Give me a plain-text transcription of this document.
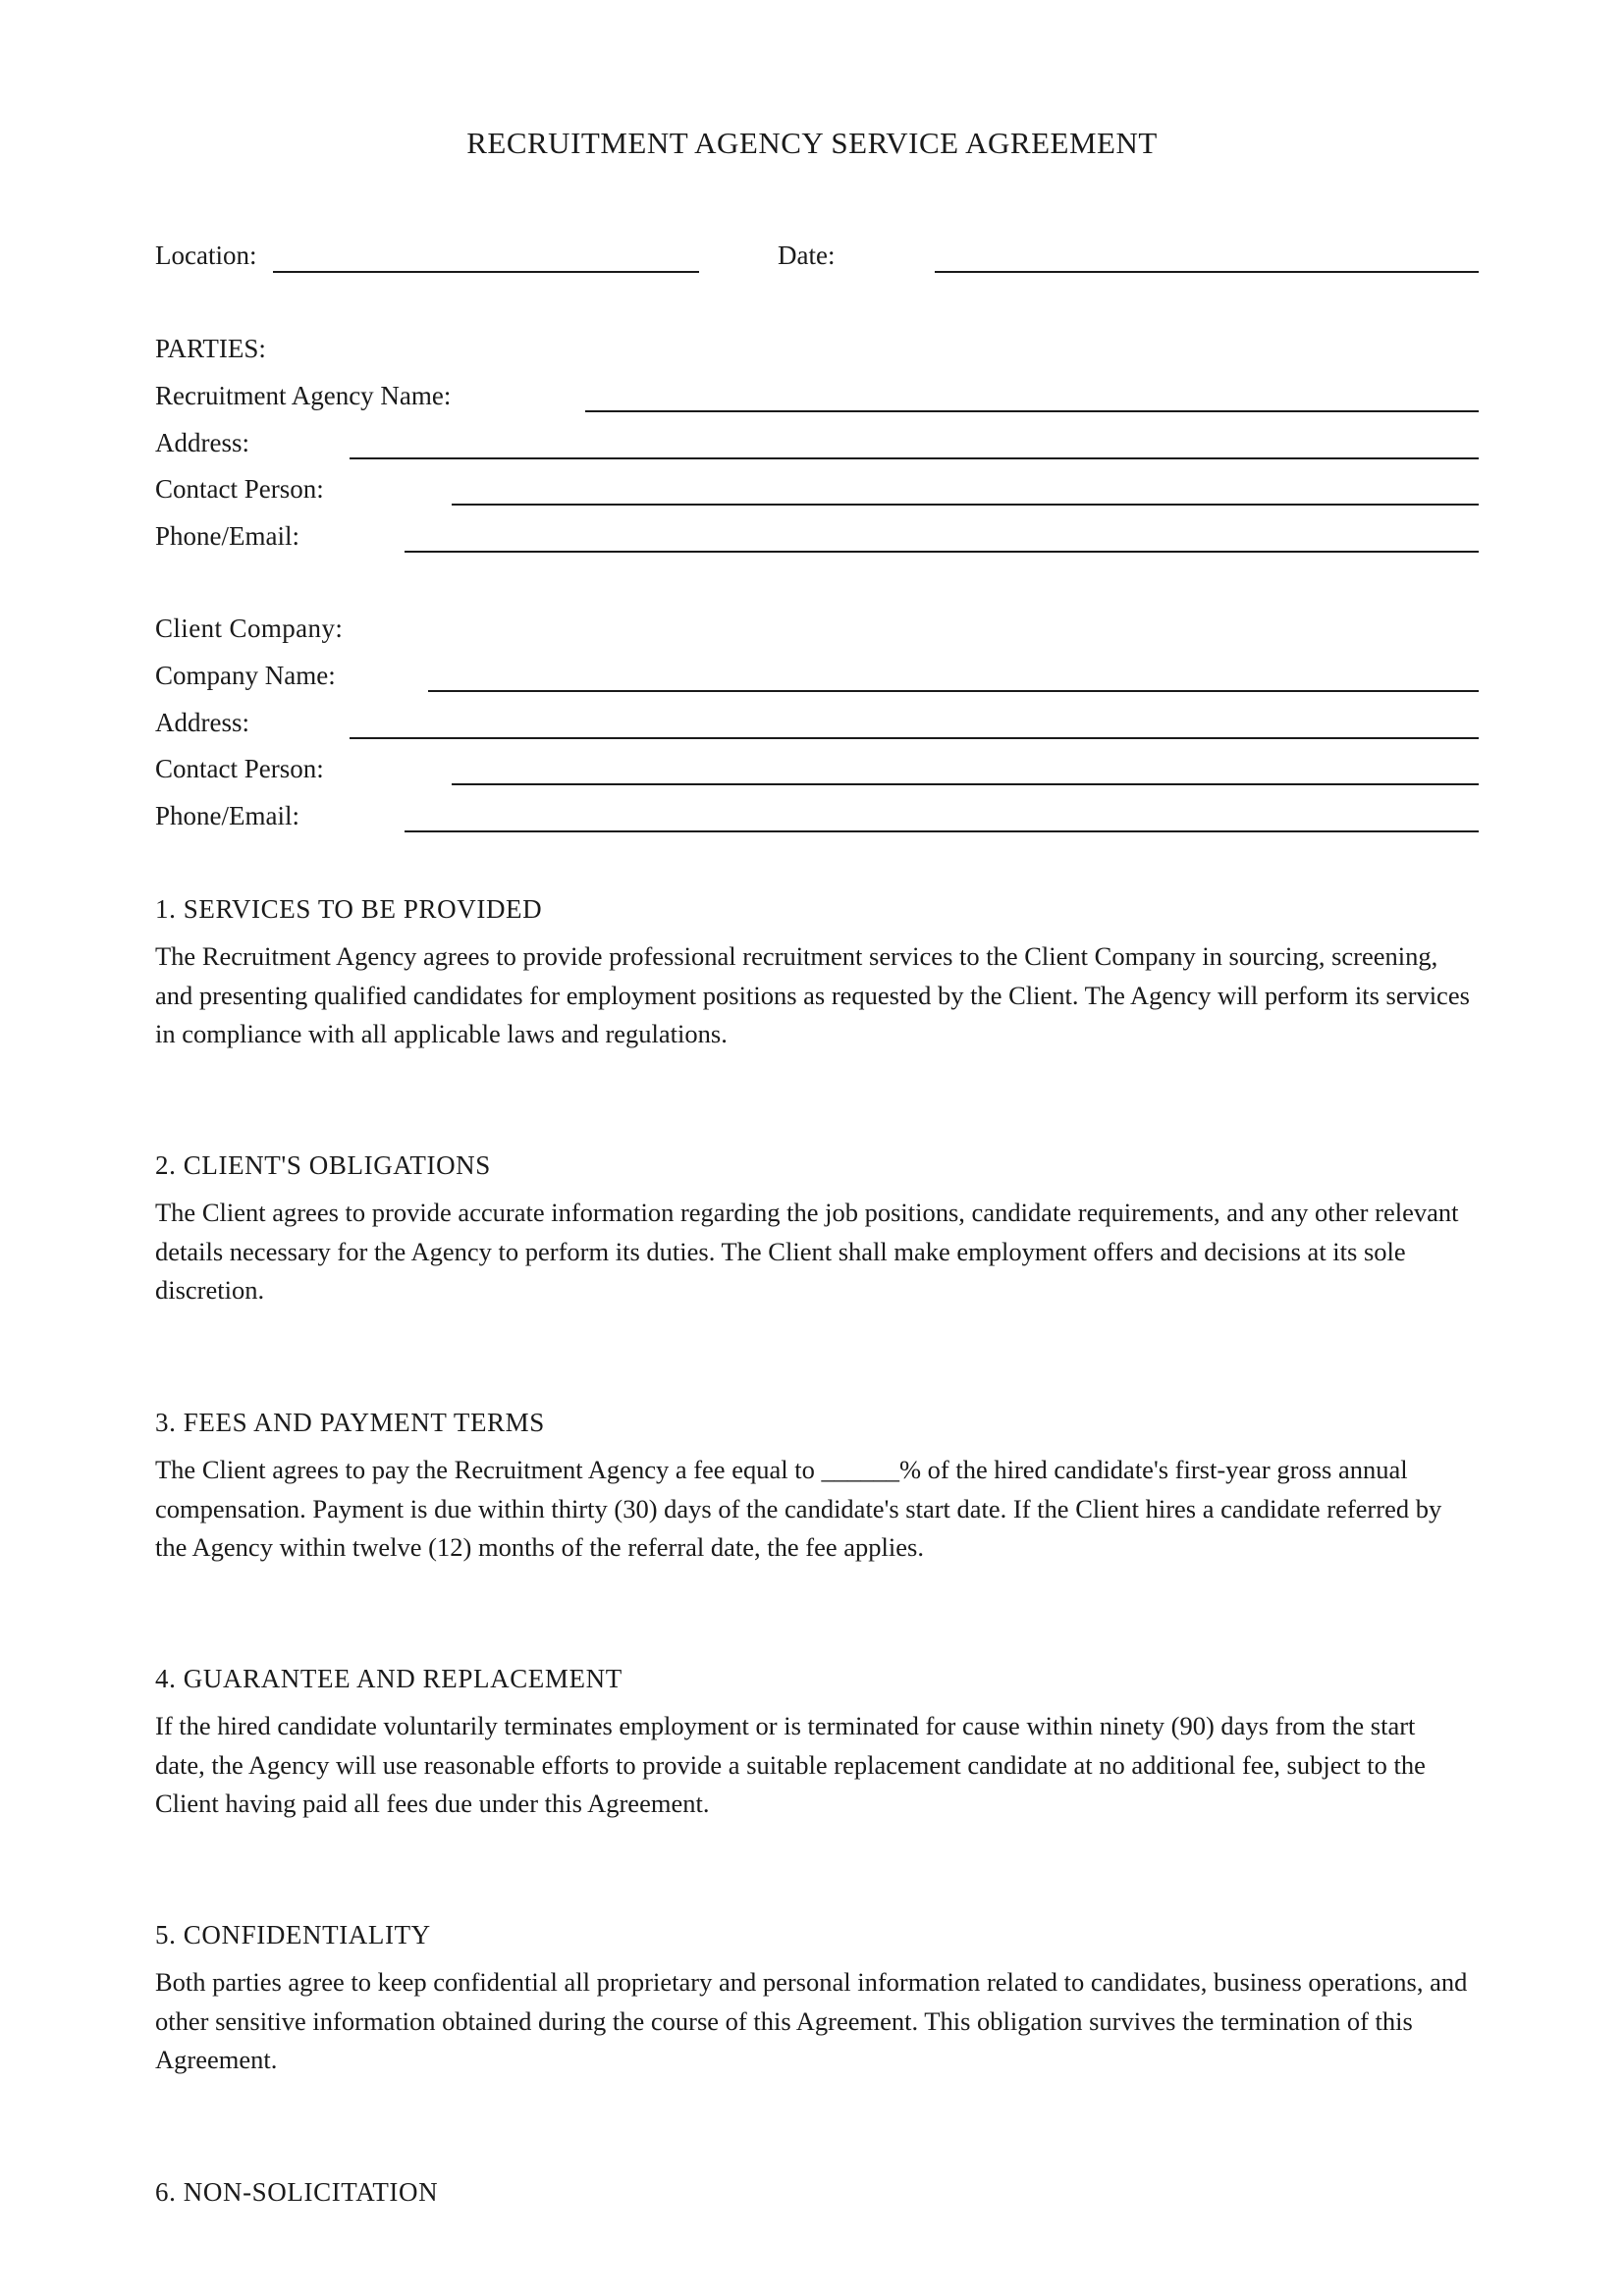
RECRUITMENT AGENCY SERVICE AGREEMENT
Location:	Date:
PARTIES:
Recruitment Agency Name:
Address:
Contact Person:
Phone/Email:
Client Company:
Company Name:
Address:
Contact Person:
Phone/Email:
1. SERVICES TO BE PROVIDED
The Recruitment Agency agrees to provide professional recruitment services to the Client Company in sourcing, screening, and presenting qualified candidates for employment positions as requested by the Client. The Agency will perform its services in compliance with all applicable laws and regulations.
2. CLIENT'S OBLIGATIONS
The Client agrees to provide accurate information regarding the job positions, candidate requirements, and any other relevant details necessary for the Agency to perform its duties. The Client shall make employment offers and decisions at its sole discretion.
3. FEES AND PAYMENT TERMS
The Client agrees to pay the Recruitment Agency a fee equal to ______% of the hired candidate's first-year gross annual compensation. Payment is due within thirty (30) days of the candidate's start date. If the Client hires a candidate referred by the Agency within twelve (12) months of the referral date, the fee applies.
4. GUARANTEE AND REPLACEMENT
If the hired candidate voluntarily terminates employment or is terminated for cause within ninety (90) days from the start date, the Agency will use reasonable efforts to provide a suitable replacement candidate at no additional fee, subject to the Client having paid all fees due under this Agreement.
5. CONFIDENTIALITY
Both parties agree to keep confidential all proprietary and personal information related to candidates, business operations, and other sensitive information obtained during the course of this Agreement. This obligation survives the termination of this Agreement.
6. NON-SOLICITATION
